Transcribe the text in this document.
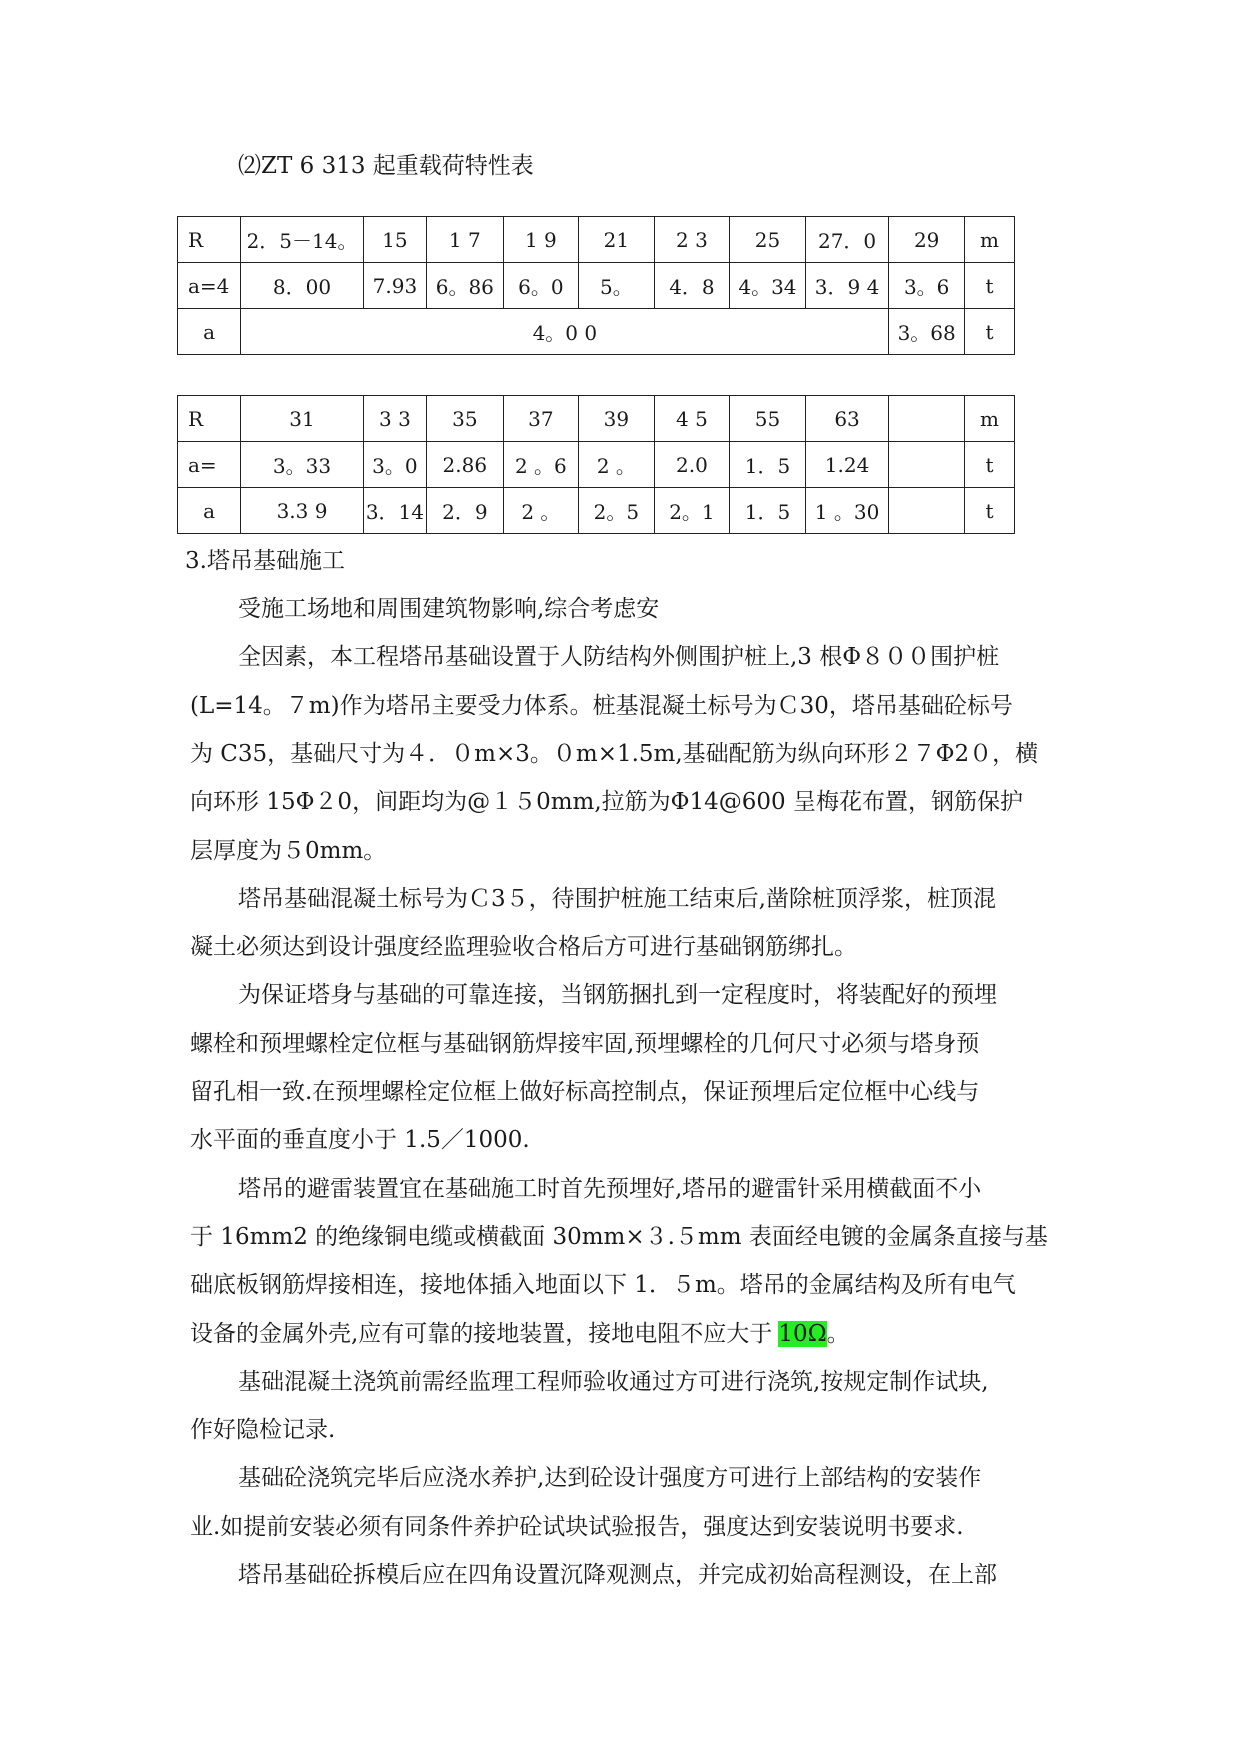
⑵ZT 6 313 起重载荷特性表
R	2．5－14。	15	1 7	1 9	21	2 3	25	27．0	29	m
a=4	8．00	7.93	6。86	6。0	5。	4．8	4。34	3．9 4	3。6	t
a	4。0 0								3。68	t
R	31	3 3	35	37	39	4 5	55	63		m
a=	3。33	3。0	2.86	2 。6	2 。	2.0	1．5	1.24		t
a	3.3 9	3．14	2．9	2 。	2。5	2。1	1．5	1 。30		t
3.塔吊基础施工
受施工场地和周围建筑物影响,综合考虑安
全因素，本工程塔吊基础设置于人防结构外侧围护桩上,3 根Φ８００围护桩
(L=14。７m)作为塔吊主要受力体系。桩基混凝土标号为Ｃ30，塔吊基础砼标号
为 C35，基础尺寸为４．０m×3。０m×1.5m,基础配筋为纵向环形２７Φ2０，横
向环形 15Φ２0，间距均为@１５0mm,拉筋为Φ14@600 呈梅花布置，钢筋保护
层厚度为５0mm。
塔吊基础混凝土标号为Ｃ3５，待围护桩施工结束后,凿除桩顶浮浆，桩顶混
凝土必须达到设计强度经监理验收合格后方可进行基础钢筋绑扎。
为保证塔身与基础的可靠连接，当钢筋捆扎到一定程度时，将装配好的预埋
螺栓和预埋螺栓定位框与基础钢筋焊接牢固,预埋螺栓的几何尺寸必须与塔身预
留孔相一致.在预埋螺栓定位框上做好标高控制点，保证预埋后定位框中心线与
水平面的垂直度小于 1.5／1000.
塔吊的避雷装置宜在基础施工时首先预埋好,塔吊的避雷针采用横截面不小
于 16mm2 的绝缘铜电缆或横截面 30mm×３.５mm 表面经电镀的金属条直接与基
础底板钢筋焊接相连，接地体插入地面以下 1．５m。塔吊的金属结构及所有电气
设备的金属外壳,应有可靠的接地装置，接地电阻不应大于 10Ω。
基础混凝土浇筑前需经监理工程师验收通过方可进行浇筑,按规定制作试块,
作好隐检记录.
基础砼浇筑完毕后应浇水养护,达到砼设计强度方可进行上部结构的安装作
业.如提前安装必须有同条件养护砼试块试验报告，强度达到安装说明书要求.
塔吊基础砼拆模后应在四角设置沉降观测点，并完成初始高程测设，在上部
